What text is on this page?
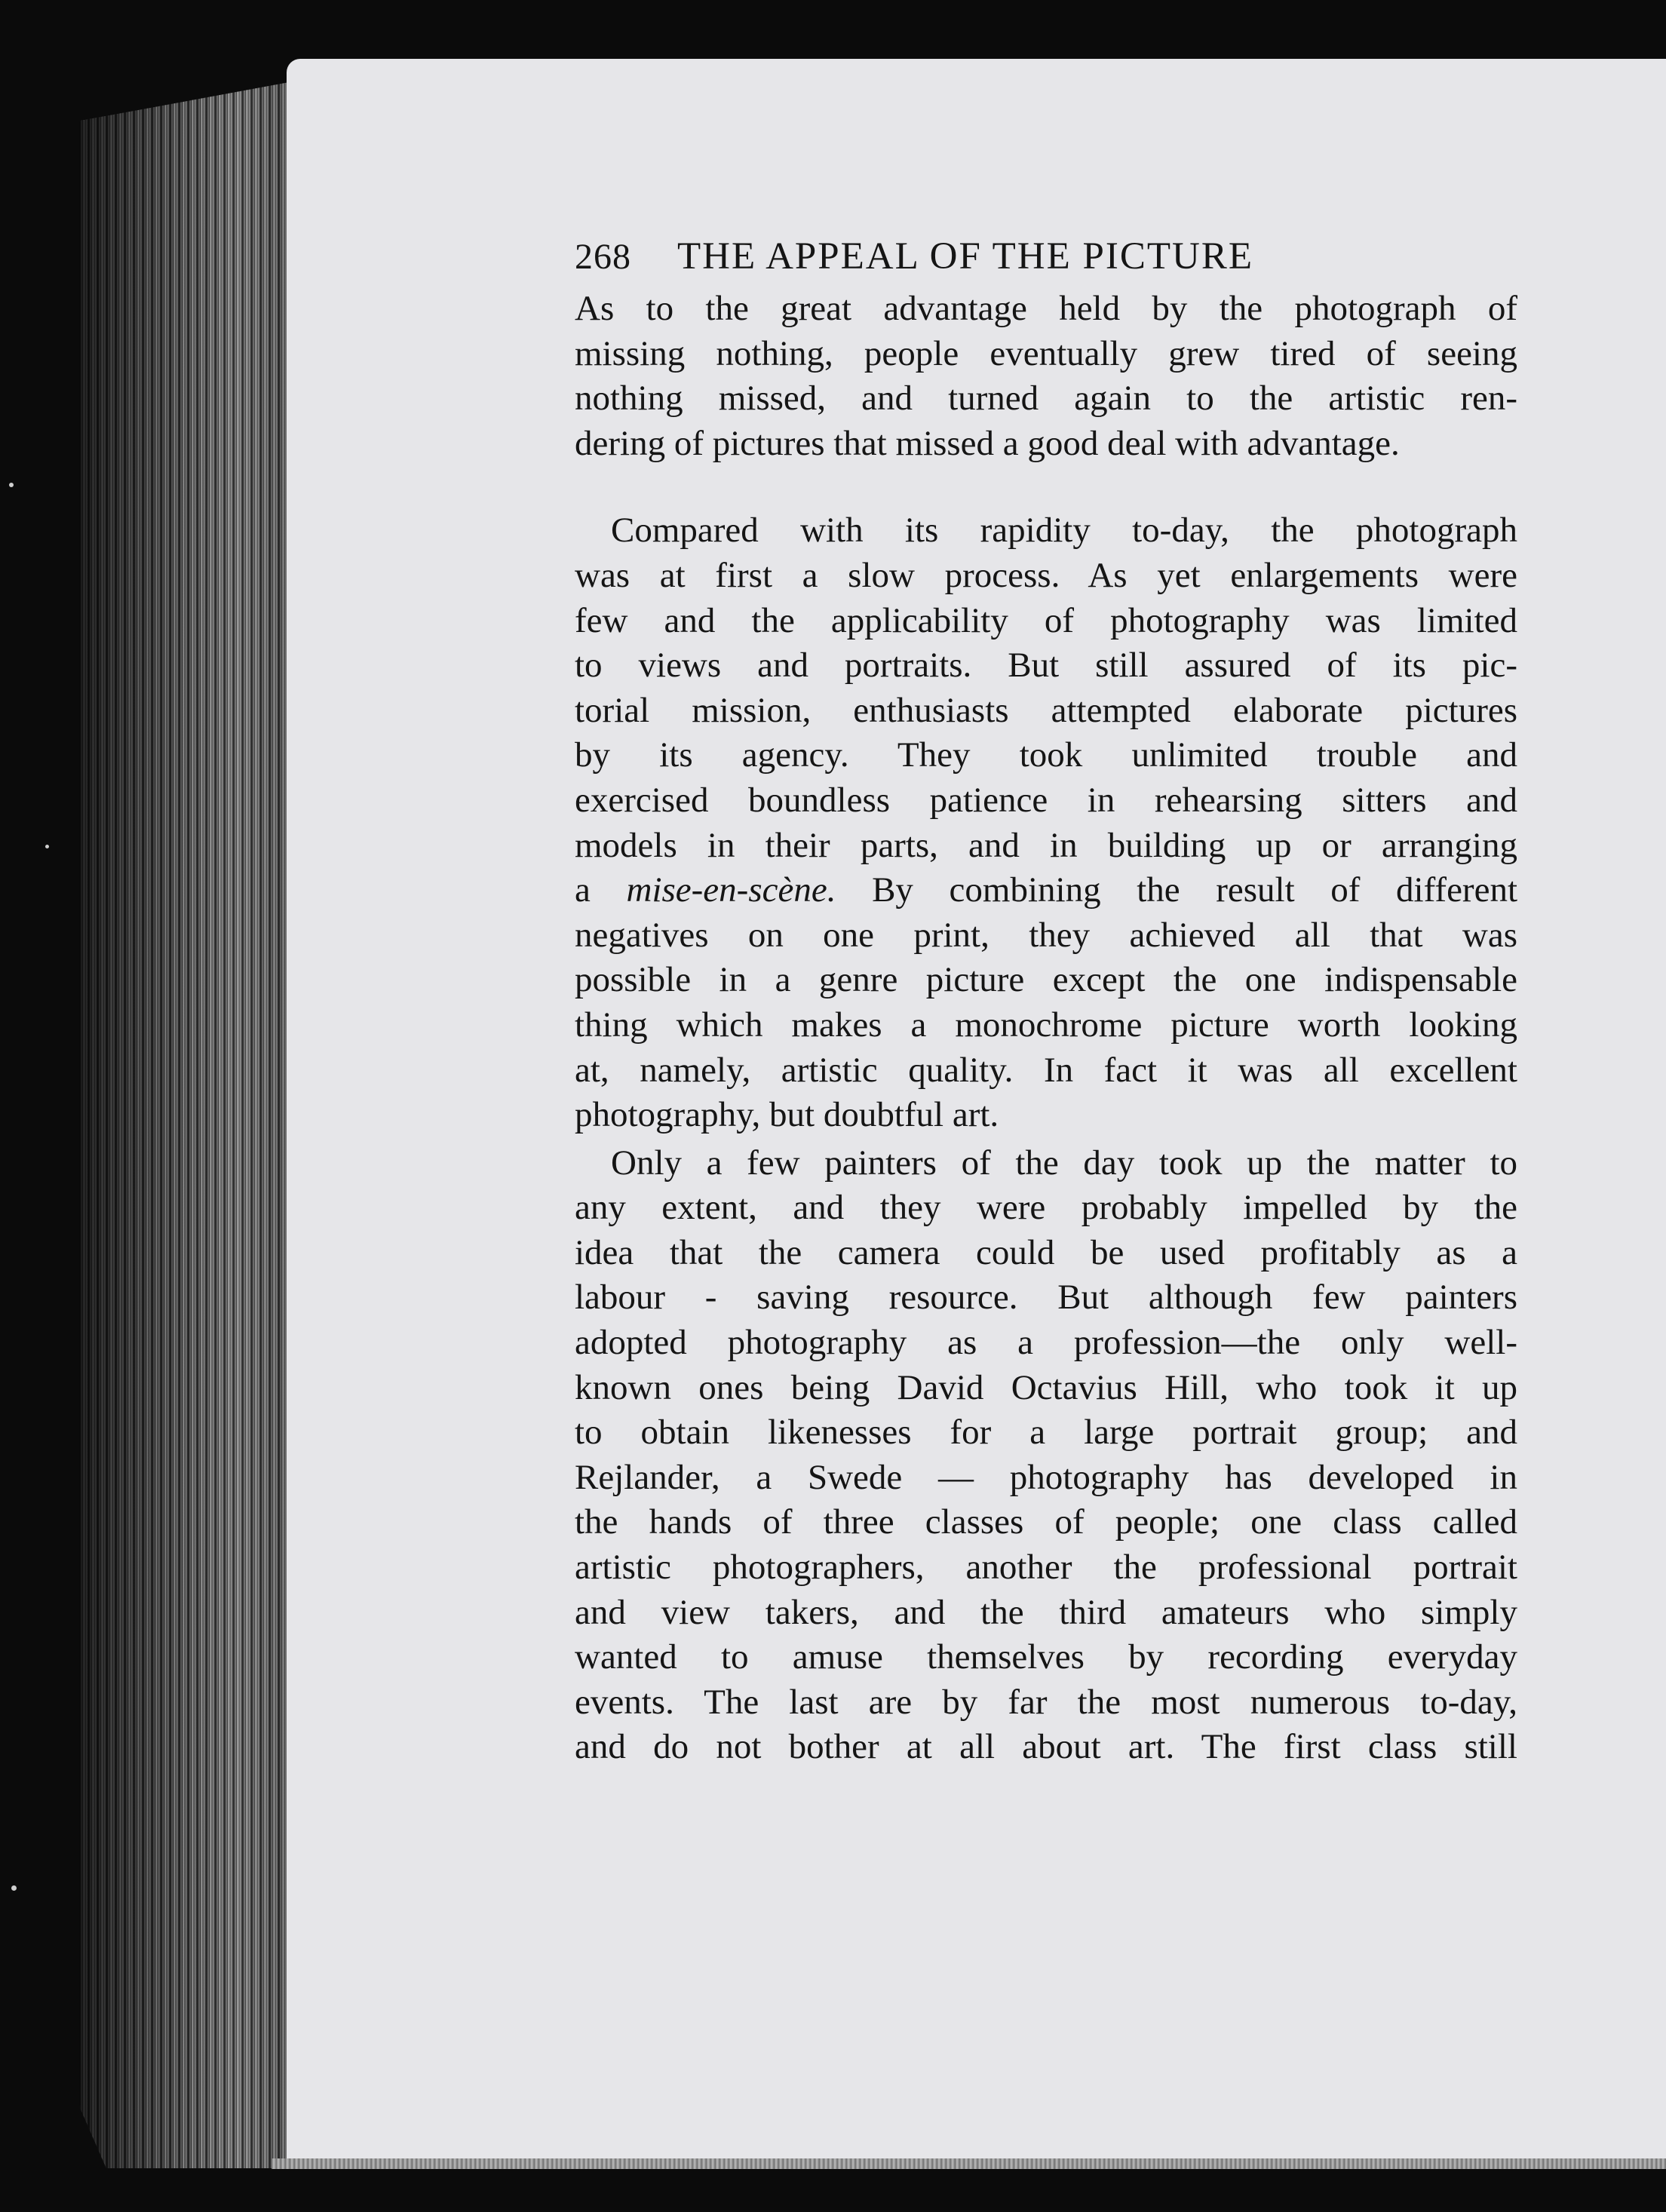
268	THE APPEAL OF THE PICTURE
As to the great advantage held by the photograph of
missing nothing, people eventually grew tired of seeing
nothing missed, and turned again to the artistic ren-
dering of pictures that missed a good deal with advantage.
Compared with its rapidity to-day, the photograph
was at first a slow process. As yet enlargements were
few and the applicability of photography was limited
to views and portraits. But still assured of its pic-
torial mission, enthusiasts attempted elaborate pictures
by its agency. They took unlimited trouble and
exercised boundless patience in rehearsing sitters and
models in their parts, and in building up or arranging
a mise-en-scène. By combining the result of different
negatives on one print, they achieved all that was
possible in a genre picture except the one indispensable
thing which makes a monochrome picture worth looking
at, namely, artistic quality. In fact it was all excellent
photography, but doubtful art.
Only a few painters of the day took up the matter to
any extent, and they were probably impelled by the
idea that the camera could be used profitably as a
labour - saving resource. But although few painters
adopted photography as a profession—the only well-
known ones being David Octavius Hill, who took it up
to obtain likenesses for a large portrait group; and
Rejlander, a Swede — photography has developed in
the hands of three classes of people; one class called
artistic photographers, another the professional portrait
and view takers, and the third amateurs who simply
wanted to amuse themselves by recording everyday
events. The last are by far the most numerous to-day,
and do not bother at all about art. The first class still
